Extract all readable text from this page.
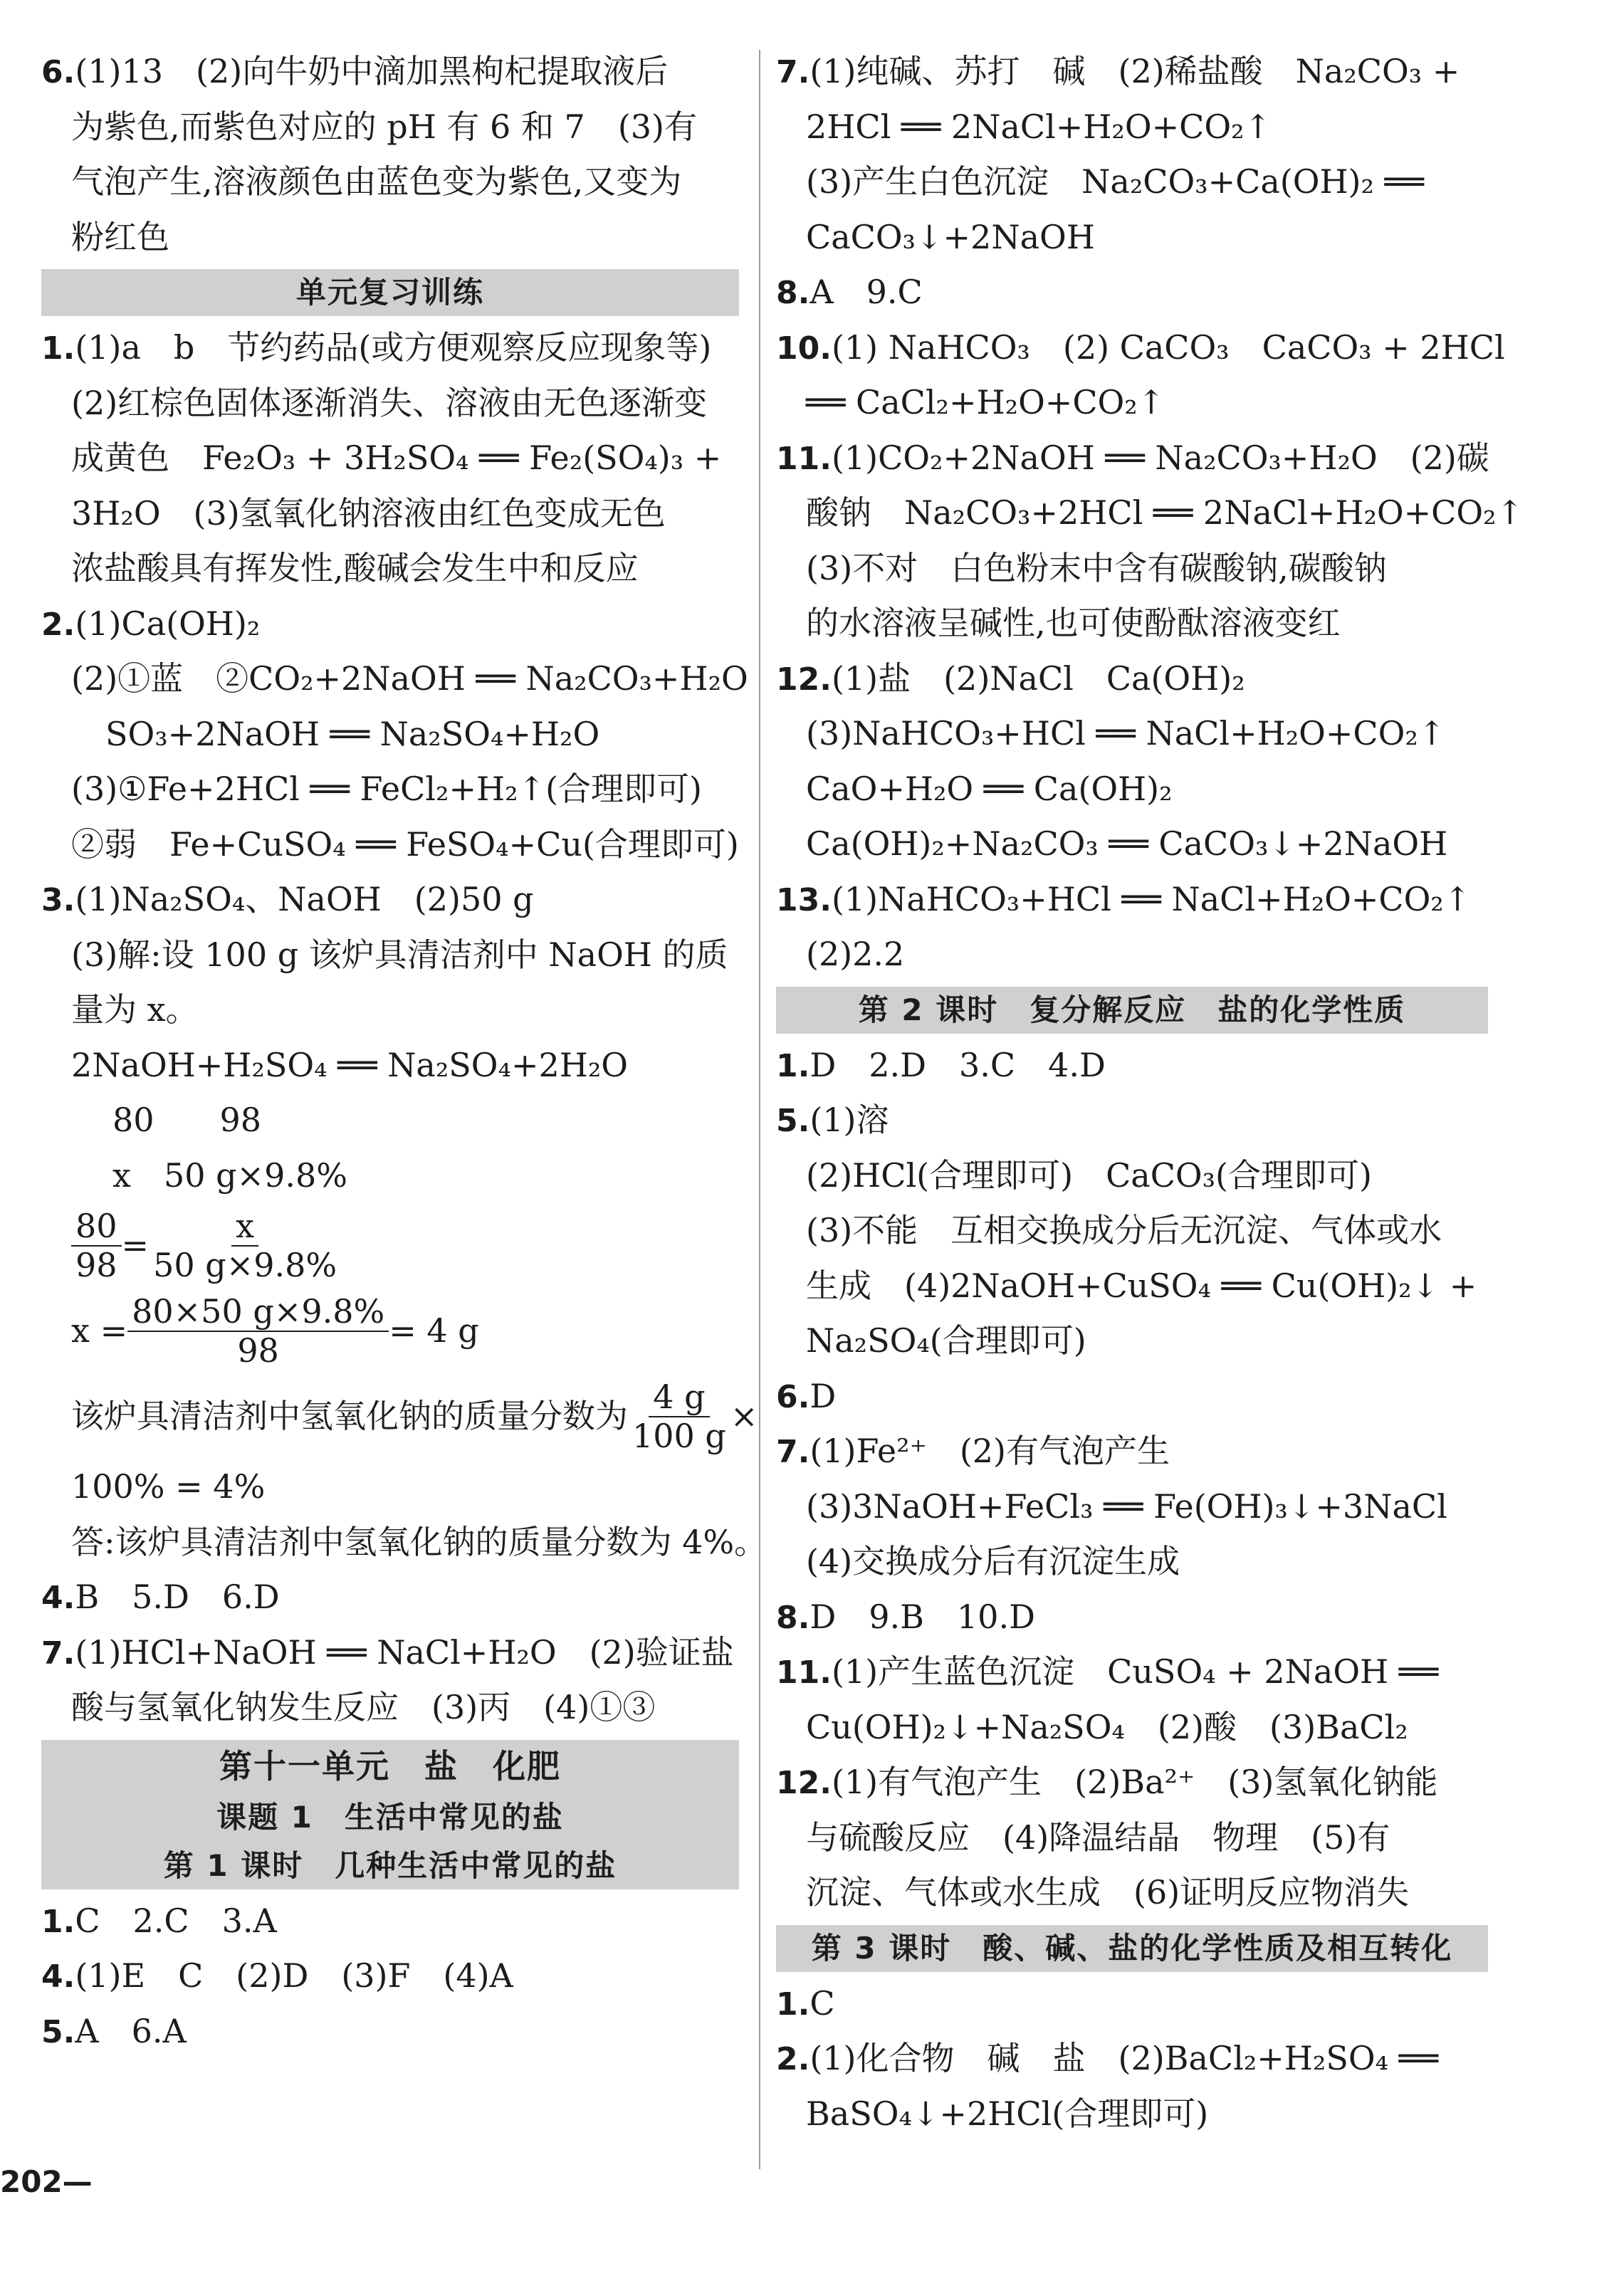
6.(1)13　(2)向牛奶中滴加黑枸杞提取液后
为紫色,而紫色对应的 pH 有 6 和 7　(3)有
气泡产生,溶液颜色由蓝色变为紫色,又变为
粉红色
单元复习训练
1.(1)a　b　节约药品(或方便观察反应现象等)
(2)红棕色固体逐渐消失、溶液由无色逐渐变
成黄色　Fe₂O₃ + 3H₂SO₄ ══ Fe₂(SO₄)₃ +
3H₂O　(3)氢氧化钠溶液由红色变成无色
浓盐酸具有挥发性,酸碱会发生中和反应
2.(1)Ca(OH)₂
(2)①蓝　②CO₂+2NaOH ══ Na₂CO₃+H₂O
SO₃+2NaOH ══ Na₂SO₄+H₂O
(3)①Fe+2HCl ══ FeCl₂+H₂↑(合理即可)
②弱　Fe+CuSO₄ ══ FeSO₄+Cu(合理即可)
3.(1)Na₂SO₄、NaOH　(2)50 g
(3)解:设 100 g 该炉具清洁剂中 NaOH 的质
量为 x。
2NaOH+H₂SO₄ ══ Na₂SO₄+2H₂O
80　　98
x　50 g×9.8%
$\frac{80}{98} = \frac{x}{50 g\times 9.8\%}$
$x = \frac{80\times 50 g\times 9.8\%}{98} = 4$ g
该炉具清洁剂中氢氧化钠的质量分数为 $\frac{4 g}{100 g}$ ×
100% = 4%
答:该炉具清洁剂中氢氧化钠的质量分数为 4%。
4.B　5.D　6.D
7.(1)HCl+NaOH ══ NaCl+H₂O　(2)验证盐
酸与氢氧化钠发生反应　(3)丙　(4)①③
第十一单元　盐　化肥
课题 1　生活中常见的盐
第 1 课时　几种生活中常见的盐
1.C　2.C　3.A
4.(1)E　C　(2)D　(3)F　(4)A
5.A　6.A
7.(1)纯碱、苏打　碱　(2)稀盐酸　Na₂CO₃ +
2HCl ══ 2NaCl+H₂O+CO₂↑
(3)产生白色沉淀　Na₂CO₃+Ca(OH)₂ ══
CaCO₃↓+2NaOH
8.A　9.C
10.(1) NaHCO₃　(2) CaCO₃　CaCO₃ + 2HCl
══ CaCl₂+H₂O+CO₂↑
11.(1)CO₂+2NaOH ══ Na₂CO₃+H₂O　(2)碳
酸钠　Na₂CO₃+2HCl ══ 2NaCl+H₂O+CO₂↑
(3)不对　白色粉末中含有碳酸钠,碳酸钠
的水溶液呈碱性,也可使酚酞溶液变红
12.(1)盐　(2)NaCl　Ca(OH)₂
(3)NaHCO₃+HCl ══ NaCl+H₂O+CO₂↑
CaO+H₂O ══ Ca(OH)₂
Ca(OH)₂+Na₂CO₃ ══ CaCO₃↓+2NaOH
13.(1)NaHCO₃+HCl ══ NaCl+H₂O+CO₂↑
(2)2.2
第 2 课时　复分解反应　盐的化学性质
1.D　2.D　3.C　4.D
5.(1)溶
(2)HCl(合理即可)　CaCO₃(合理即可)
(3)不能　互相交换成分后无沉淀、气体或水
生成　(4)2NaOH+CuSO₄ ══ Cu(OH)₂↓ +
Na₂SO₄(合理即可)
6.D
7.(1)Fe²⁺　(2)有气泡产生
(3)3NaOH+FeCl₃ ══ Fe(OH)₃↓+3NaCl
(4)交换成分后有沉淀生成
8.D　9.B　10.D
11.(1)产生蓝色沉淀　CuSO₄ + 2NaOH ══
Cu(OH)₂↓+Na₂SO₄　(2)酸　(3)BaCl₂
12.(1)有气泡产生　(2)Ba²⁺　(3)氢氧化钠能
与硫酸反应　(4)降温结晶　物理　(5)有
沉淀、气体或水生成　(6)证明反应物消失
第 3 课时　酸、碱、盐的化学性质及相互转化
1.C
2.(1)化合物　碱　盐　(2)BaCl₂+H₂SO₄ ══
BaSO₄↓+2HCl(合理即可)
202—
